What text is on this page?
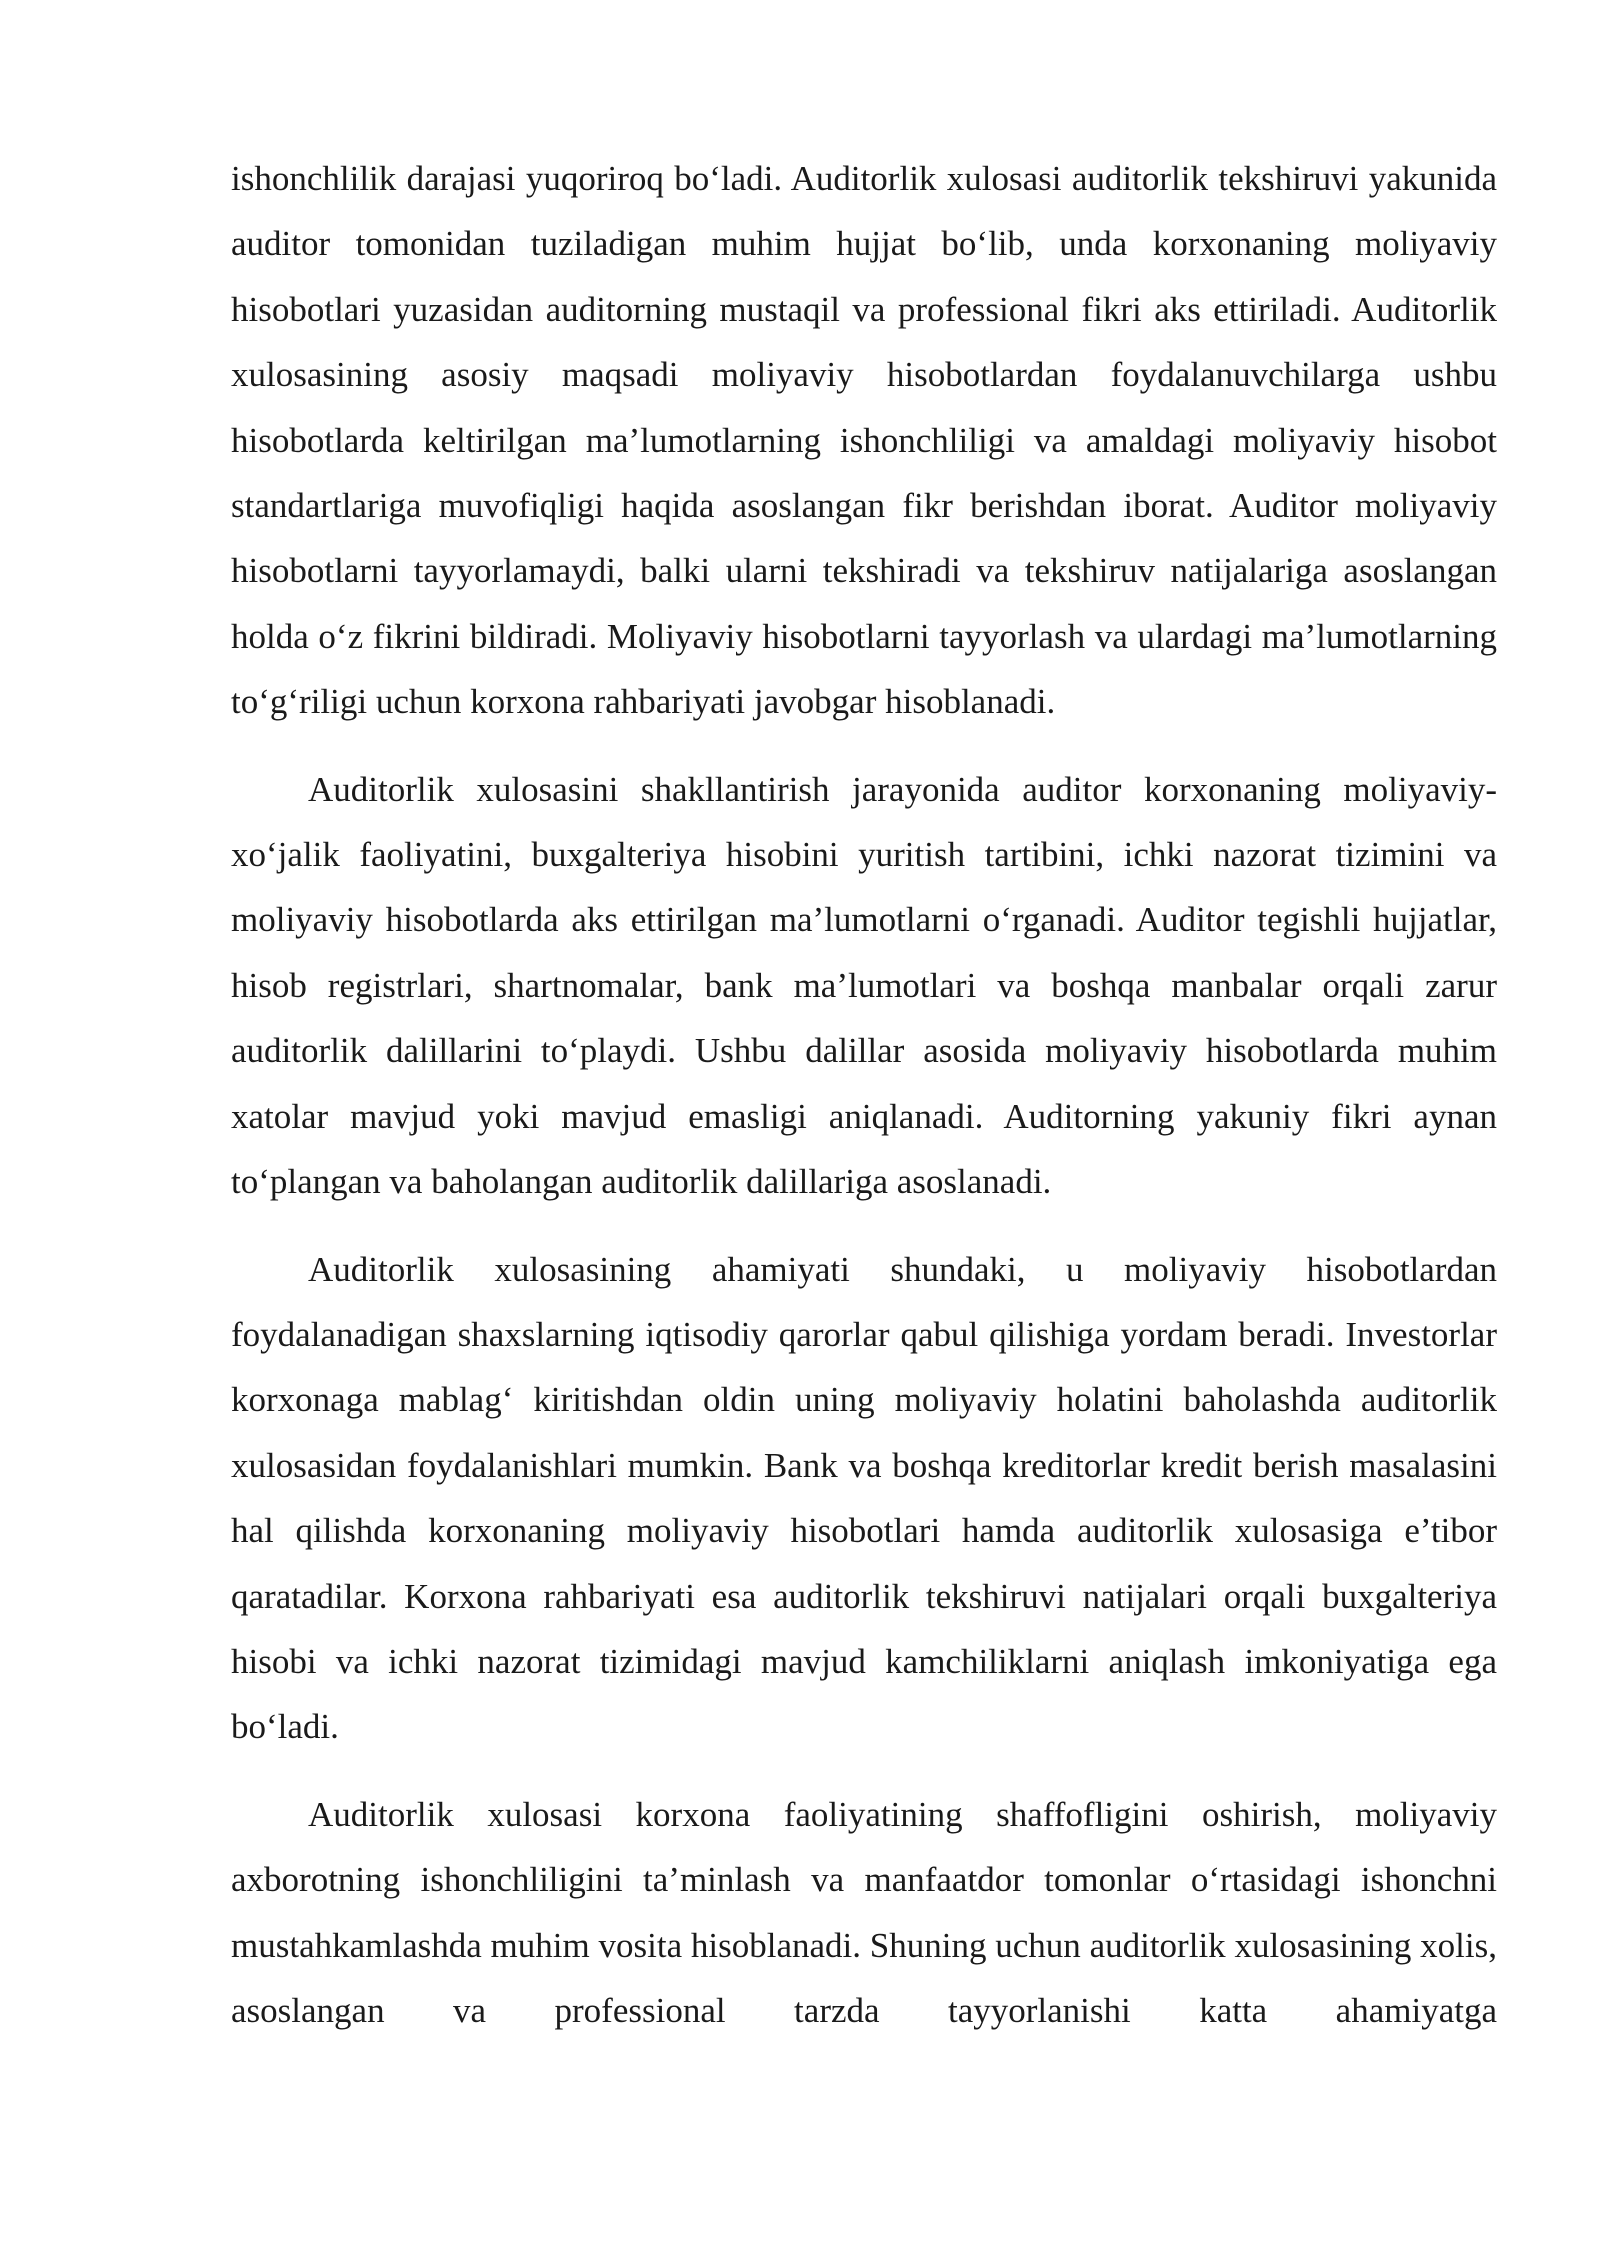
ishonchlilik darajasi yuqoriroq bo‘ladi. Auditorlik xulosasi auditorlik tekshiruvi yakunida auditor tomonidan tuziladigan muhim hujjat bo‘lib, unda korxonaning moliyaviy hisobotlari yuzasidan auditorning mustaqil va professional fikri aks ettiriladi. Auditorlik xulosasining asosiy maqsadi moliyaviy hisobotlardan foydalanuvchilarga ushbu hisobotlarda keltirilgan ma’lumotlarning ishonchliligi va amaldagi moliyaviy hisobot standartlariga muvofiqligi haqida asoslangan fikr berishdan iborat. Auditor moliyaviy hisobotlarni tayyorlamaydi, balki ularni tekshiradi va tekshiruv natijalariga asoslangan holda o‘z fikrini bildiradi. Moliyaviy hisobotlarni tayyorlash va ulardagi ma’lumotlarning to‘g‘riligi uchun korxona rahbariyati javobgar hisoblanadi.

Auditorlik xulosasini shakllantirish jarayonida auditor korxonaning moliyaviy-xo‘jalik faoliyatini, buxgalteriya hisobini yuritish tartibini, ichki nazorat tizimini va moliyaviy hisobotlarda aks ettirilgan ma’lumotlarni o‘rganadi. Auditor tegishli hujjatlar, hisob registrlari, shartnomalar, bank ma’lumotlari va boshqa manbalar orqali zarur auditorlik dalillarini to‘playdi. Ushbu dalillar asosida moliyaviy hisobotlarda muhim xatolar mavjud yoki mavjud emasligi aniqlanadi. Auditorning yakuniy fikri aynan to‘plangan va baholangan auditorlik dalillariga asoslanadi.

Auditorlik xulosasining ahamiyati shundaki, u moliyaviy hisobotlardan foydalanadigan shaxslarning iqtisodiy qarorlar qabul qilishiga yordam beradi. Investorlar korxonaga mablag‘ kiritishdan oldin uning moliyaviy holatini baholashda auditorlik xulosasidan foydalanishlari mumkin. Bank va boshqa kreditorlar kredit berish masalasini hal qilishda korxonaning moliyaviy hisobotlari hamda auditorlik xulosasiga e’tibor qaratadilar. Korxona rahbariyati esa auditorlik tekshiruvi natijalari orqali buxgalteriya hisobi va ichki nazorat tizimidagi mavjud kamchiliklarni aniqlash imkoniyatiga ega bo‘ladi.

Auditorlik xulosasi korxona faoliyatining shaffofligini oshirish, moliyaviy axborotning ishonchliligini ta’minlash va manfaatdor tomonlar o‘rtasidagi ishonchni mustahkamlashda muhim vosita hisoblanadi. Shuning uchun auditorlik xulosasining xolis, asoslangan va professional tarzda tayyorlanishi katta ahamiyatga
